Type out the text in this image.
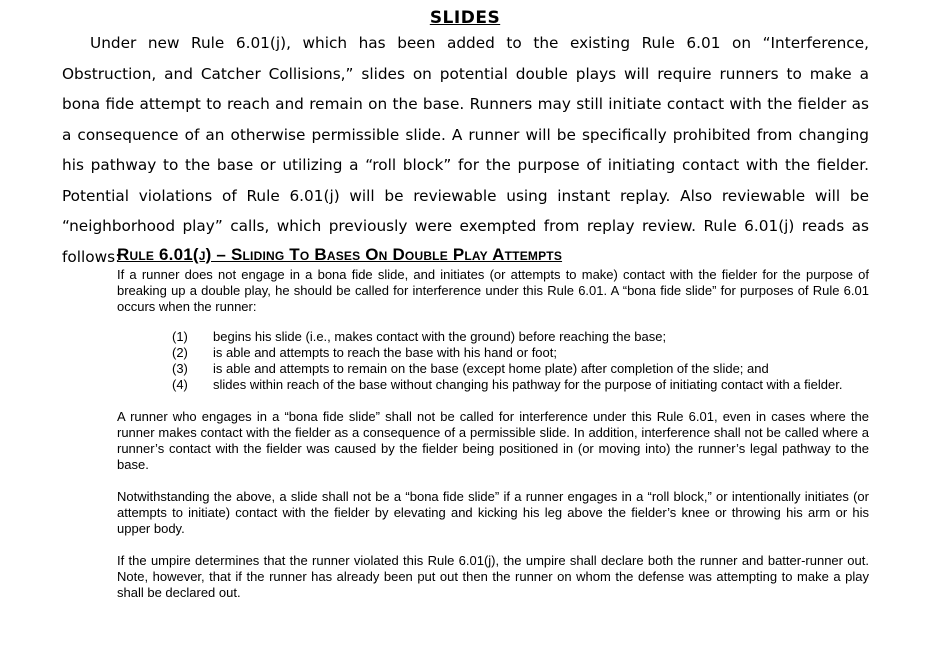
SLIDES

Under new Rule 6.01(j), which has been added to the existing Rule 6.01 on “Interference, Obstruction, and Catcher Collisions,” slides on potential double plays will require runners to make a bona fide attempt to reach and remain on the base. Runners may still initiate contact with the fielder as a consequence of an otherwise permissible slide. A runner will be specifically prohibited from changing his pathway to the base or utilizing a “roll block” for the purpose of initiating contact with the fielder. Potential violations of Rule 6.01(j) will be reviewable using instant replay. Also reviewable will be “neighborhood play” calls, which previously were exempted from replay review. Rule 6.01(j) reads as follows:

Rule 6.01(j) – Sliding To Bases On Double Play Attempts

If a runner does not engage in a bona fide slide, and initiates (or attempts to make) contact with the fielder for the purpose of breaking up a double play, he should be called for interference under this Rule 6.01. A “bona fide slide” for purposes of Rule 6.01 occurs when the runner:

(1) begins his slide (i.e., makes contact with the ground) before reaching the base;
(2) is able and attempts to reach the base with his hand or foot;
(3) is able and attempts to remain on the base (except home plate) after completion of the slide; and
(4) slides within reach of the base without changing his pathway for the purpose of initiating contact with a fielder.

A runner who engages in a “bona fide slide” shall not be called for interference under this Rule 6.01, even in cases where the runner makes contact with the fielder as a consequence of a permissible slide. In addition, interference shall not be called where a runner’s contact with the fielder was caused by the fielder being positioned in (or moving into) the runner’s legal pathway to the base.

Notwithstanding the above, a slide shall not be a “bona fide slide” if a runner engages in a “roll block,” or intentionally initiates (or attempts to initiate) contact with the fielder by elevating and kicking his leg above the fielder’s knee or throwing his arm or his upper body.

If the umpire determines that the runner violated this Rule 6.01(j), the umpire shall declare both the runner and batter-runner out. Note, however, that if the runner has already been put out then the runner on whom the defense was attempting to make a play shall be declared out.
